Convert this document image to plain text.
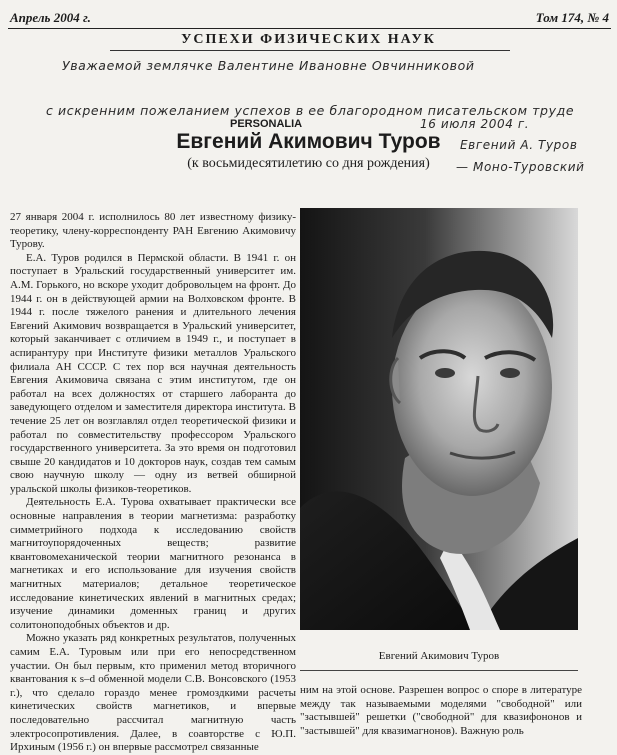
Апрель 2004 г.	Том 174, № 4
УСПЕХИ ФИЗИЧЕСКИХ НАУК
Уважаемой землячке Валентине Ивановне Овчинниковой
с искренним пожеланием успехов в ее благородном писательском труде
16 июля 2004 г.
Евгений А. Туров
— Моно-Туровский
PERSONALIA
Евгений Акимович Туров
(к восьмидесятилетию со дня рождения)

27 января 2004 г. исполнилось 80 лет известному физику-теоретику, члену-корреспонденту РАН Евгению Акимовичу Турову.

Е.А. Туров родился в Пермской области. В 1941 г. он поступает в Уральский государственный университет им. А.М. Горького, но вскоре уходит добровольцем на фронт. До 1944 г. он в действующей армии на Волховском фронте. В 1944 г. после тяжелого ранения и длительного лечения Евгений Акимович возвращается в Уральский университет, который заканчивает с отличием в 1949 г., и поступает в аспирантуру при Институте физики металлов Уральского филиала АН СССР. С тех пор вся научная деятельность Евгения Акимовича связана с этим институтом, где он работал на всех должностях от старшего лаборанта до заведующего отделом и заместителя директора института. В течение 25 лет он возглавлял отдел теоретической физики и работал по совместительству профессором Уральского государственного университета. За это время он подготовил свыше 20 кандидатов и 10 докторов наук, создав тем самым свою научную школу — одну из ветвей обширной уральской школы физиков-теоретиков.

Деятельность Е.А. Турова охватывает практически все основные направления в теории магнетизма: разработку симметрийного подхода к исследованию свойств магнитоупорядоченных веществ; развитие квантовомеханической теории магнитного резонанса в магнетиках и его использование для изучения свойств магнитных материалов; детальное теоретическое исследование кинетических явлений в магнитных средах; изучение динамики доменных границ и других солитоноподобных объектов и др.

Можно указать ряд конкретных результатов, полученных самим Е.А. Туровым или при его непосредственном участии. Он был первым, кто применил метод вторичного квантования к s–d обменной модели С.В. Вонсовского (1953 г.), что сделало гораздо менее громоздкими расчеты кинетических свойств магнетиков, и впервые последовательно рассчитал магнитную часть электросопротивления. Далее, в соавторстве с Ю.П. Ирхиным (1956 г.) он впервые рассмотрел связанные

Евгений Акимович Туров

ним на этой основе. Разрешен вопрос о споре в литературе между так называемыми моделями "свободной" или "застывшей" решетки ("свободной" для квазифононов и "застывшей" для квазимагнонов). Важную роль
